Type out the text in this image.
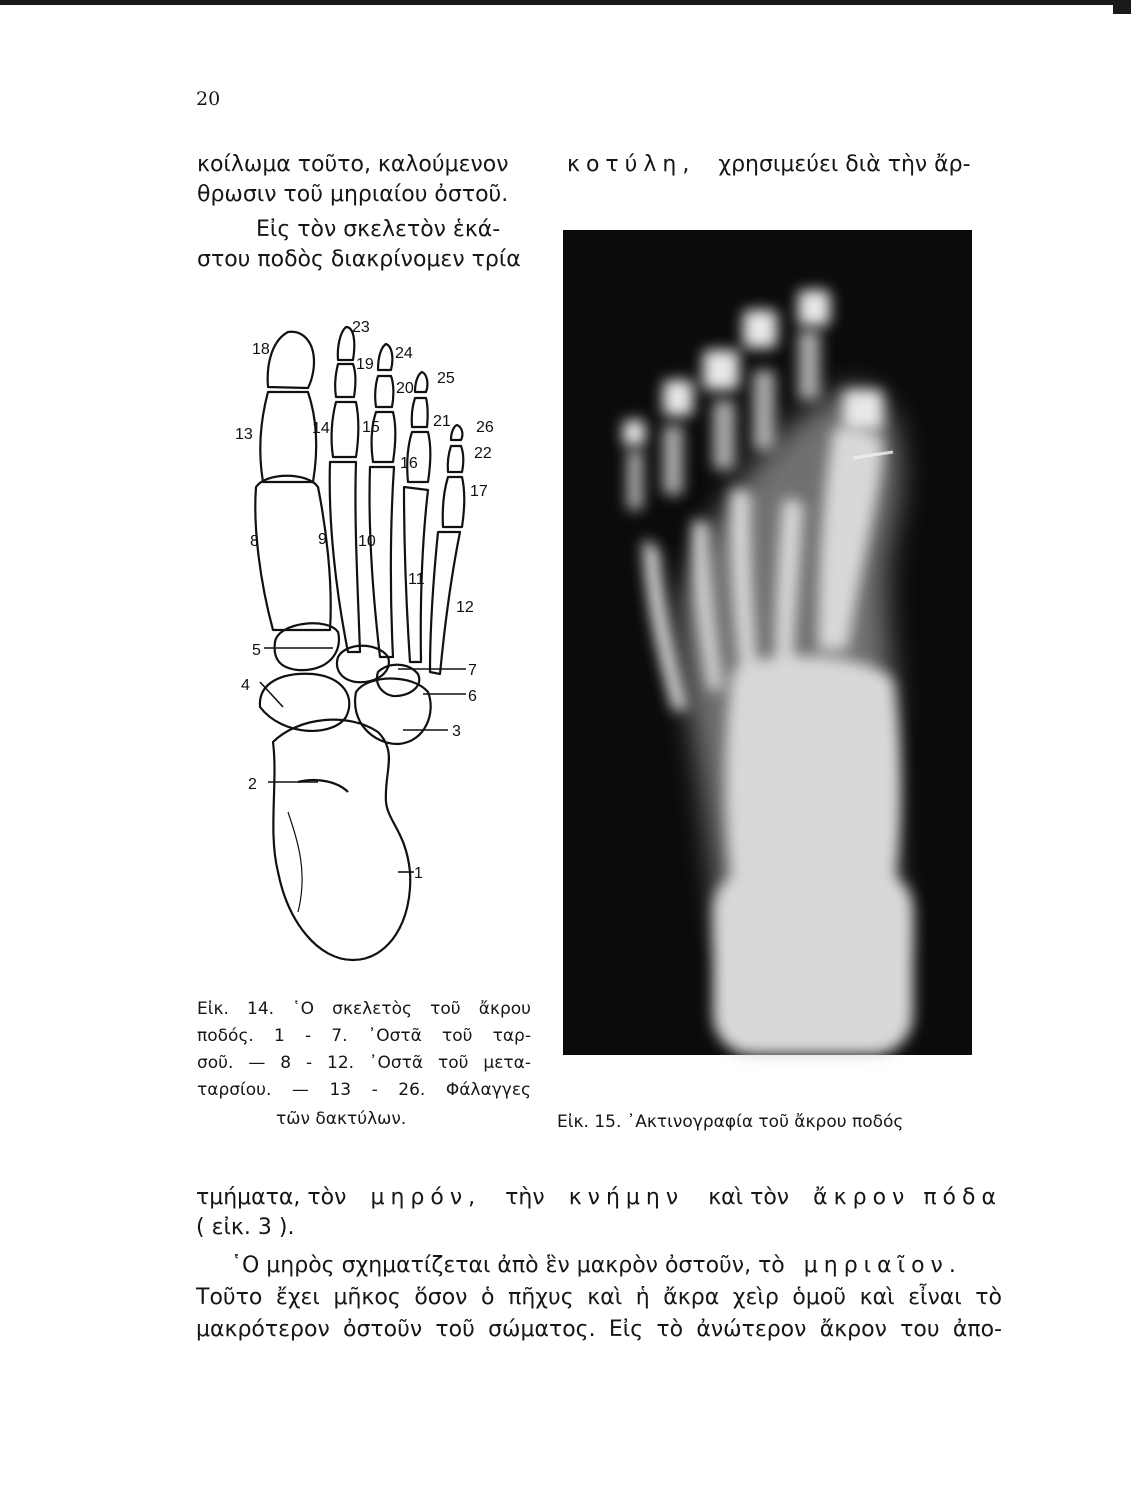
20
κοίλωμα τοῦτο, καλούμενον
θρωσιν τοῦ μηριαίου ὀστοῦ.
Εἰς τὸν σκελετὸν ἑκά-
στου ποδὸς διακρίνομεν τρία
κοτύλη, χρησιμεύει διὰ τὴν ἄρ-
1
2
3
4
5
6
7
8	9 10
11
12
13	14 15
16
17
18
19
20
21
22
23
24
25
26
Εἰκ. 14. ῾Ο σκελετὸς τοῦ ἄκρου
ποδός. 1 - 7. ᾿Οστᾶ τοῦ ταρ-
σοῦ. — 8 - 12. ᾿Οστᾶ τοῦ μετα-
ταρσίου. — 13 - 26. Φάλαγγες
τῶν δακτύλων.	Εἰκ. 15. ᾿Ακτινογραφία τοῦ ἄκρου ποδός
τμήματα, τὸν μηρόν, τὴν κνήμην καὶ τὸν ἄκρον πόδα
( εἰκ. 3 ).
῾Ο μηρὸς σχηματίζεται ἀπὸ ἓν μακρὸν ὀστοῦν, τὸ μηριαῖον.
Τοῦτο ἔχει μῆκος ὅσον ὁ πῆχυς καὶ ἡ ἄκρα χεὶρ ὁμοῦ καὶ εἶναι τὸ
μακρότερον ὀστοῦν τοῦ σώματος. Εἰς τὸ ἀνώτερον ἄκρον του ἀπο-
